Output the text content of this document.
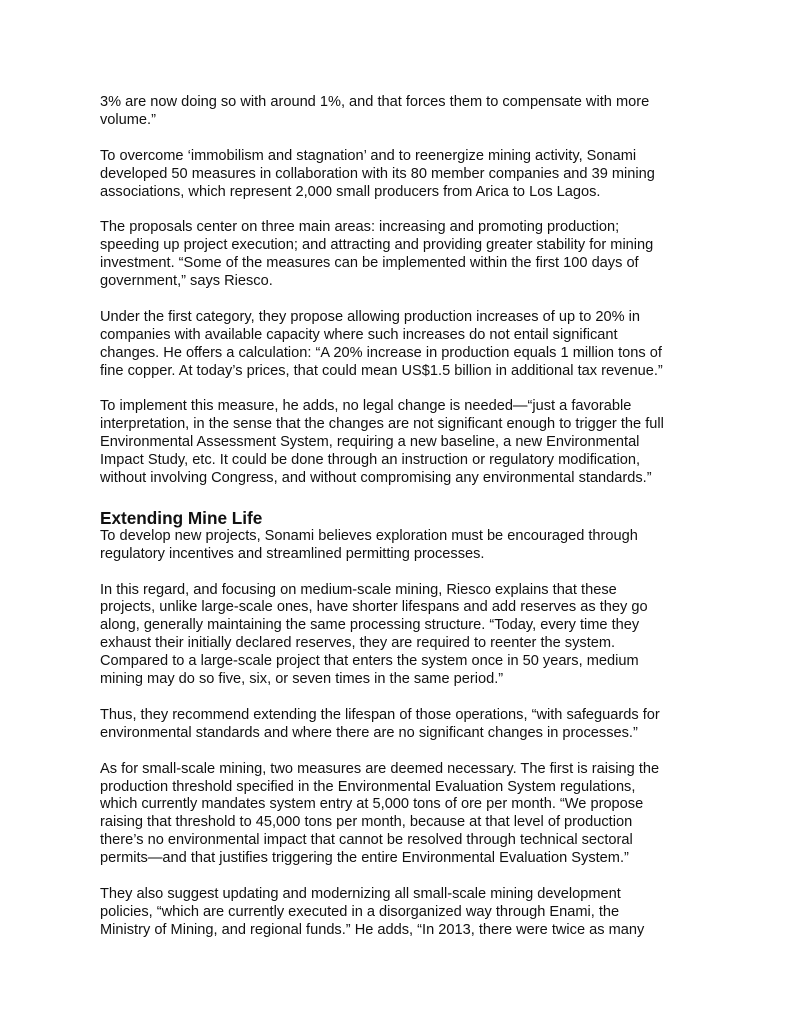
3% are now doing so with around 1%, and that forces them to compensate with more
volume.”

To overcome ‘immobilism and stagnation’ and to reenergize mining activity, Sonami
developed 50 measures in collaboration with its 80 member companies and 39 mining
associations, which represent 2,000 small producers from Arica to Los Lagos.

The proposals center on three main areas: increasing and promoting production;
speeding up project execution; and attracting and providing greater stability for mining
investment. “Some of the measures can be implemented within the first 100 days of
government,” says Riesco.

Under the first category, they propose allowing production increases of up to 20% in
companies with available capacity where such increases do not entail significant
changes. He offers a calculation: “A 20% increase in production equals 1 million tons of
fine copper. At today’s prices, that could mean US$1.5 billion in additional tax revenue.”

To implement this measure, he adds, no legal change is needed—“just a favorable
interpretation, in the sense that the changes are not significant enough to trigger the full
Environmental Assessment System, requiring a new baseline, a new Environmental
Impact Study, etc. It could be done through an instruction or regulatory modification,
without involving Congress, and without compromising any environmental standards.”

Extending Mine Life

To develop new projects, Sonami believes exploration must be encouraged through
regulatory incentives and streamlined permitting processes.

In this regard, and focusing on medium-scale mining, Riesco explains that these
projects, unlike large-scale ones, have shorter lifespans and add reserves as they go
along, generally maintaining the same processing structure. “Today, every time they
exhaust their initially declared reserves, they are required to reenter the system.
Compared to a large-scale project that enters the system once in 50 years, medium
mining may do so five, six, or seven times in the same period.”

Thus, they recommend extending the lifespan of those operations, “with safeguards for
environmental standards and where there are no significant changes in processes.”

As for small-scale mining, two measures are deemed necessary. The first is raising the
production threshold specified in the Environmental Evaluation System regulations,
which currently mandates system entry at 5,000 tons of ore per month. “We propose
raising that threshold to 45,000 tons per month, because at that level of production
there’s no environmental impact that cannot be resolved through technical sectoral
permits—and that justifies triggering the entire Environmental Evaluation System.”

They also suggest updating and modernizing all small-scale mining development
policies, “which are currently executed in a disorganized way through Enami, the
Ministry of Mining, and regional funds.” He adds, “In 2013, there were twice as many
